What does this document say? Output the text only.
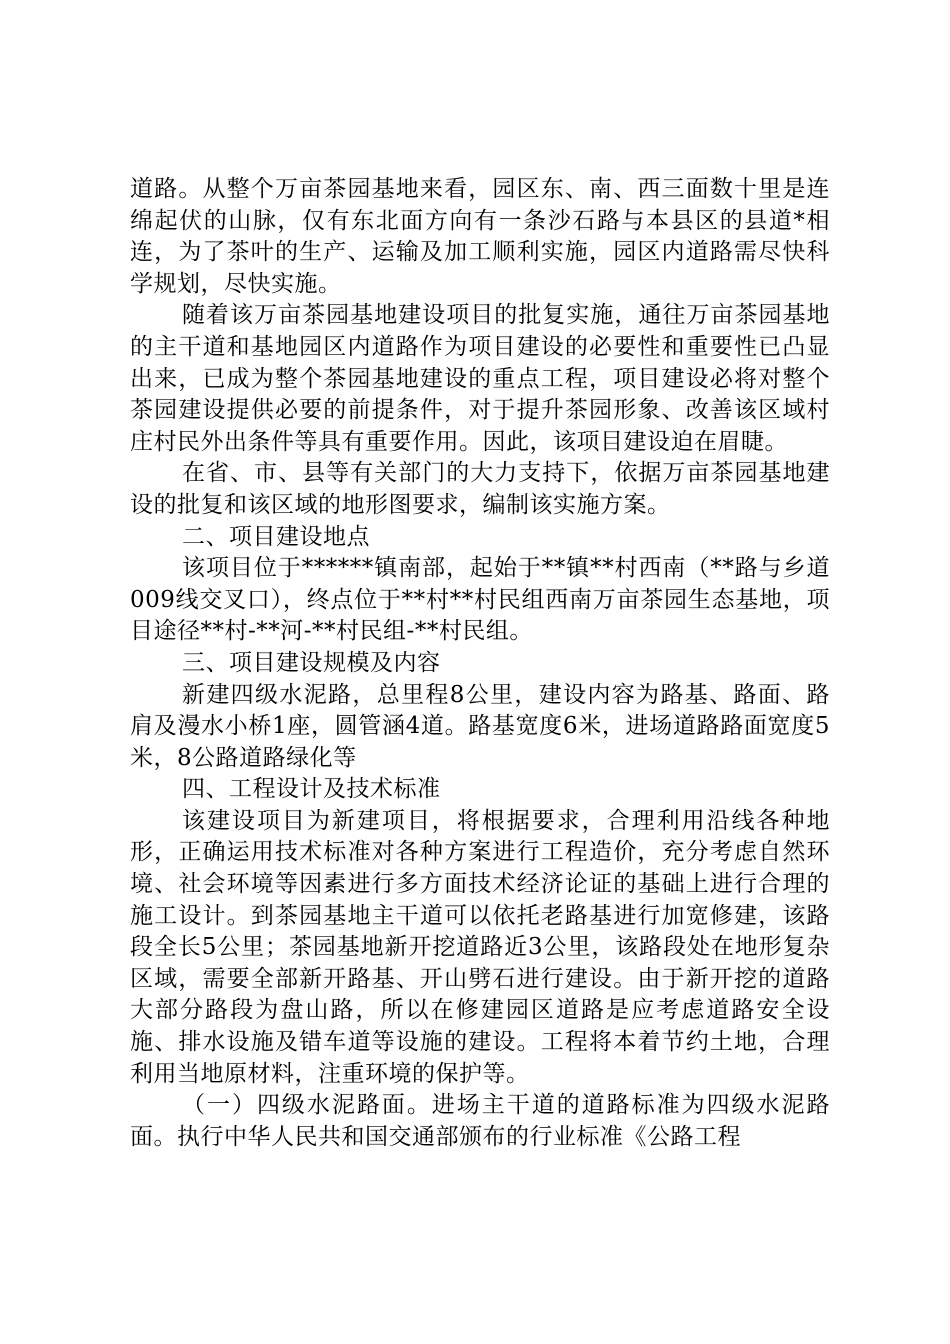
道路。从整个万亩茶园基地来看，园区东、南、西三面数十里是连绵起伏的山脉，仅有东北面方向有一条沙石路与本县区的县道*相连，为了茶叶的生产、运输及加工顺利实施，园区内道路需尽快科学规划，尽快实施。

随着该万亩茶园基地建设项目的批复实施，通往万亩茶园基地的主干道和基地园区内道路作为项目建设的必要性和重要性已凸显出来，已成为整个茶园基地建设的重点工程，项目建设必将对整个茶园建设提供必要的前提条件，对于提升茶园形象、改善该区域村庄村民外出条件等具有重要作用。因此，该项目建设迫在眉睫。

在省、市、县等有关部门的大力支持下，依据万亩茶园基地建设的批复和该区域的地形图要求，编制该实施方案。

二、项目建设地点

该项目位于******镇南部，起始于**镇**村西南（**路与乡道009线交叉口），终点位于**村**村民组西南万亩茶园生态基地，项目途径**村-**河-**村民组-**村民组。

三、项目建设规模及内容

新建四级水泥路，总里程8公里，建设内容为路基、路面、路肩及漫水小桥1座，圆管涵4道。路基宽度6米，进场道路路面宽度5米，8公路道路绿化等

四、工程设计及技术标准

该建设项目为新建项目，将根据要求，合理利用沿线各种地形，正确运用技术标准对各种方案进行工程造价，充分考虑自然环境、社会环境等因素进行多方面技术经济论证的基础上进行合理的施工设计。到茶园基地主干道可以依托老路基进行加宽修建，该路段全长5公里；茶园基地新开挖道路近3公里，该路段处在地形复杂区域，需要全部新开路基、开山劈石进行建设。由于新开挖的道路大部分路段为盘山路，所以在修建园区道路是应考虑道路安全设施、排水设施及错车道等设施的建设。工程将本着节约土地，合理利用当地原材料，注重环境的保护等。

（一）四级水泥路面。进场主干道的道路标准为四级水泥路面。执行中华人民共和国交通部颁布的行业标准《公路工程
